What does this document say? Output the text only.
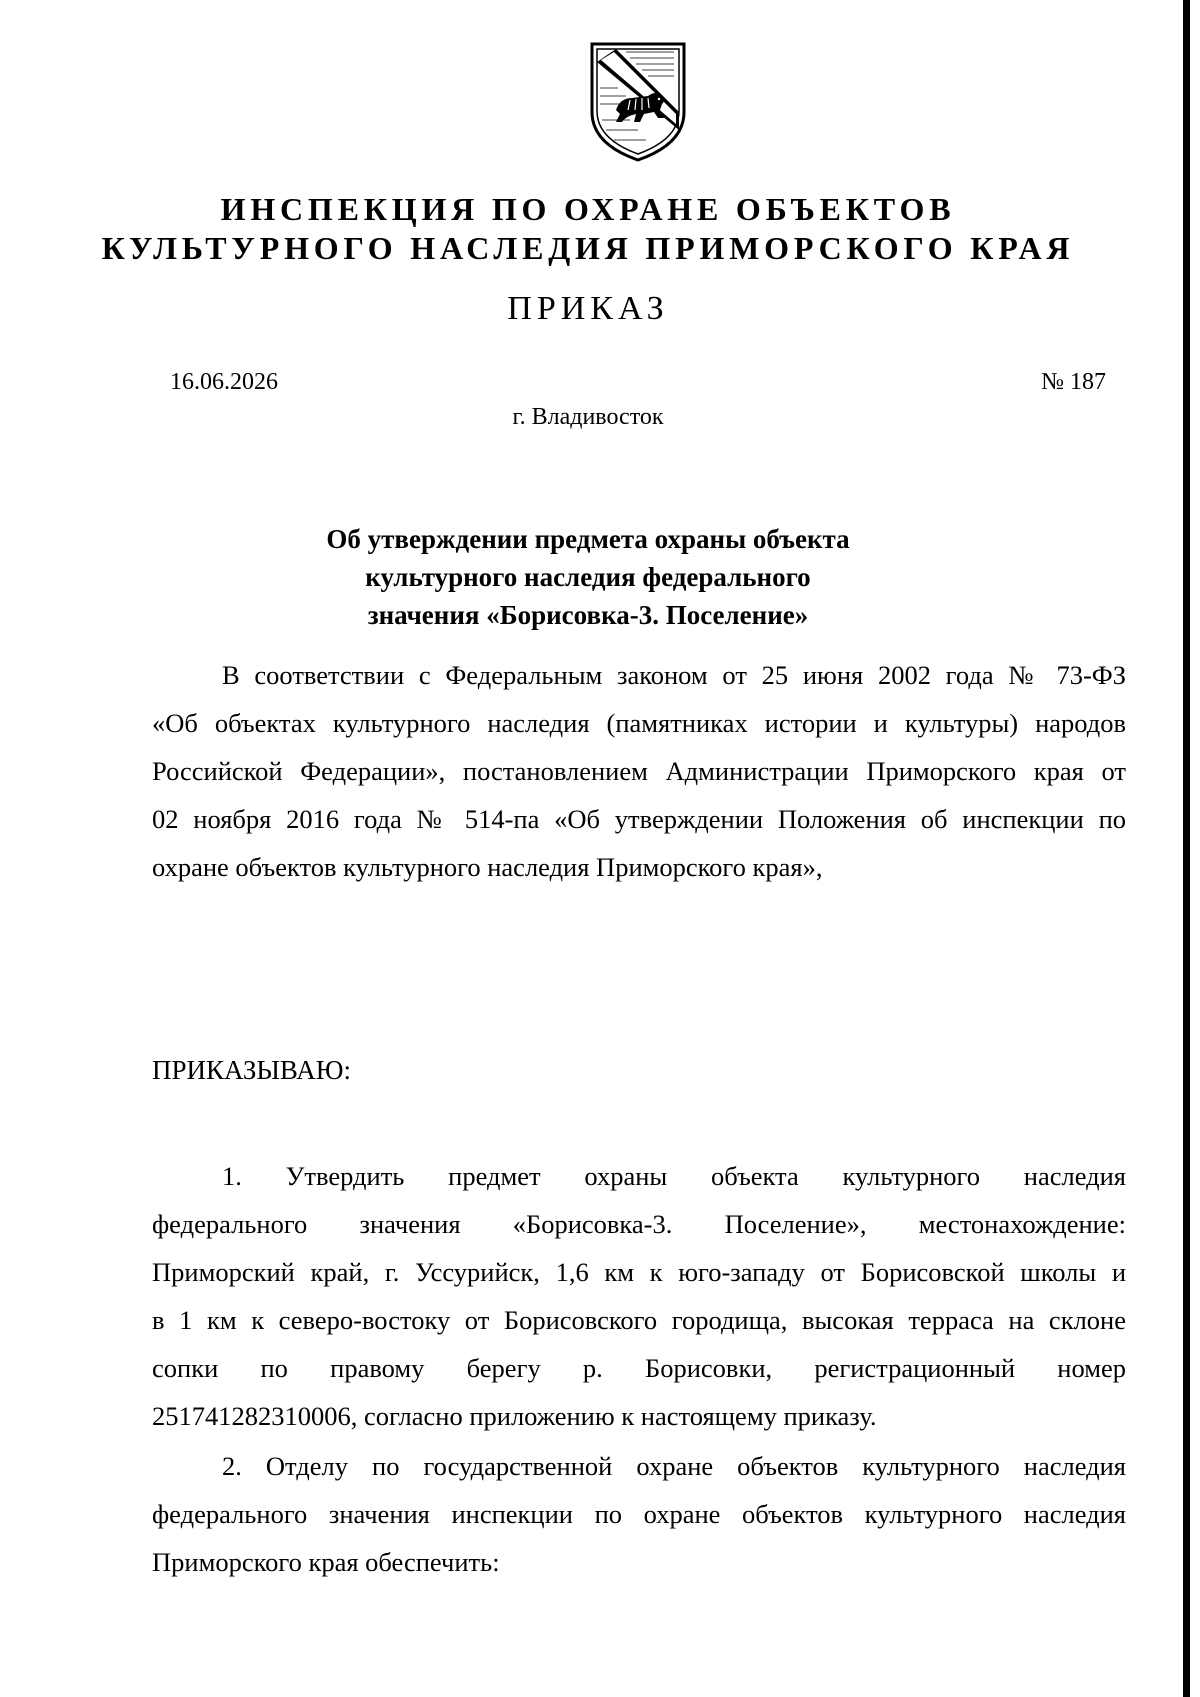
ИНСПЕКЦИЯ ПО ОХРАНЕ ОБЪЕКТОВ
КУЛЬТУРНОГО НАСЛЕДИЯ ПРИМОРСКОГО КРАЯ
ПРИКАЗ
16.06.2026	№ 187
г. Владивосток
Об утверждении предмета охраны объекта
культурного наследия федерального
значения «Борисовка-3. Поселение»

В соответствии с Федеральным законом от 25 июня 2002 года № 73-ФЗ
«Об объектах культурного наследия (памятниках истории и культуры) народов
Российской Федерации», постановлением Администрации Приморского края от
02 ноября 2016 года № 514-па «Об утверждении Положения об инспекции по
охране объектов культурного наследия Приморского края»,

ПРИКАЗЫВАЮ:

1. Утвердить предмет охраны объекта культурного наследия
федерального значения «Борисовка-3. Поселение», местонахождение:
Приморский край, г. Уссурийск, 1,6 км к юго-западу от Борисовской школы и
в 1 км к северо-востоку от Борисовского городища, высокая терраса на склоне
сопки по правому берегу р. Борисовки, регистрационный номер
251741282310006, согласно приложению к настоящему приказу.

2. Отделу по государственной охране объектов культурного наследия
федерального значения инспекции по охране объектов культурного наследия
Приморского края обеспечить:
